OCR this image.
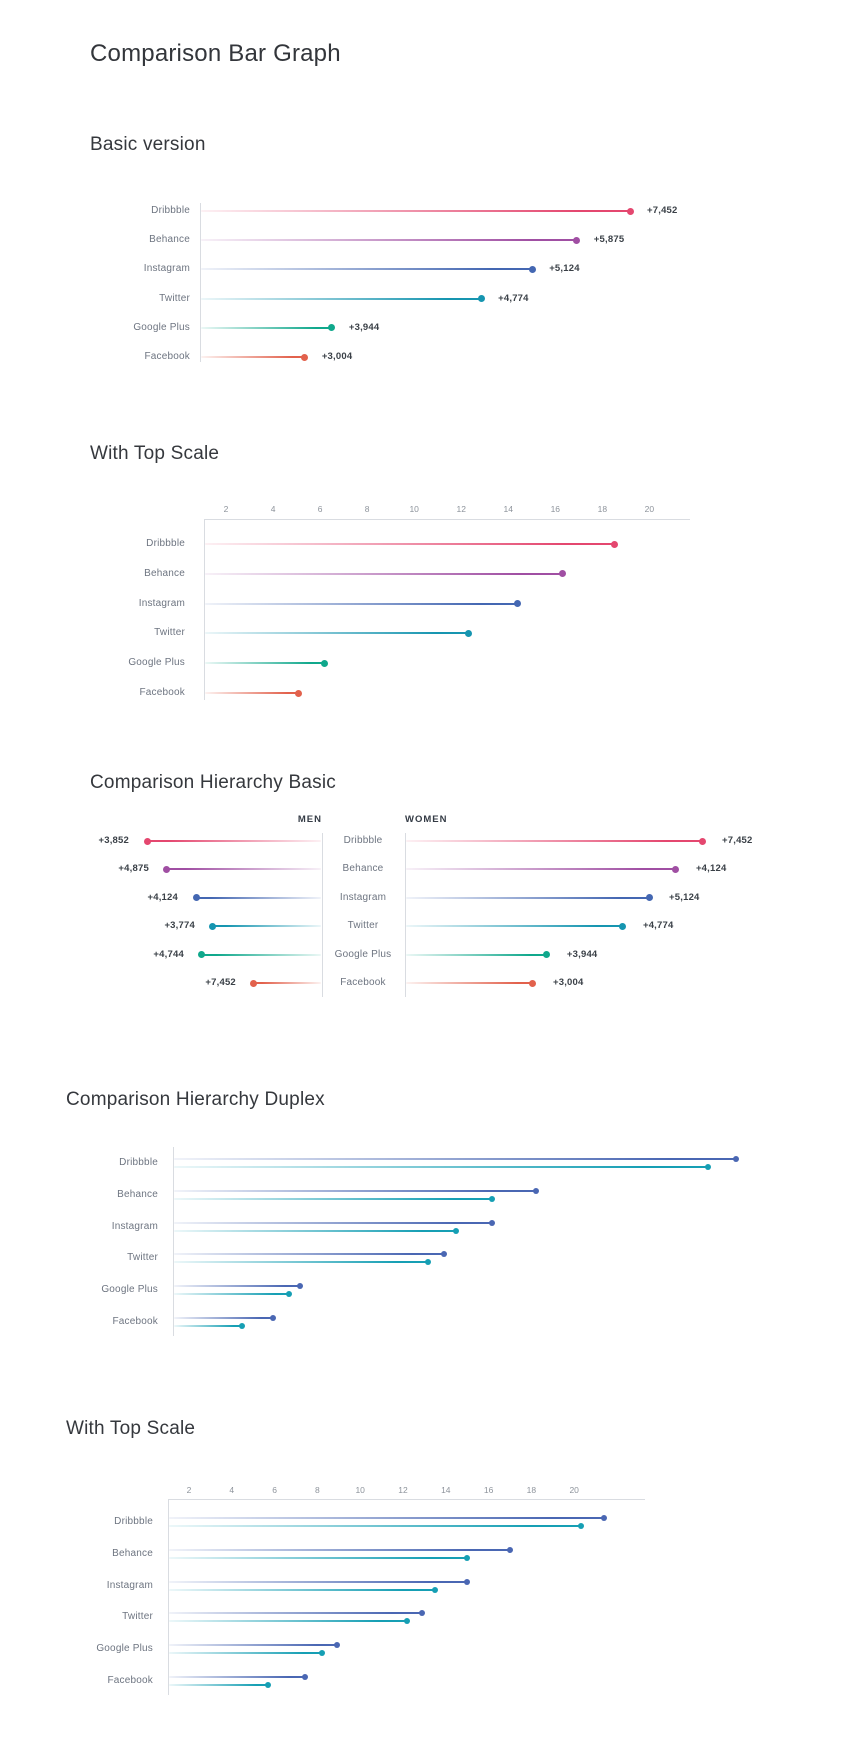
Comparison Bar Graph
Basic version
With Top Scale
Comparison Hierarchy Basic
Comparison Hierarchy Duplex
With Top Scale
Dribbble	+7,452
Behance	+5,875
Instagram	+5,124
Twitter	+4,774
Google Plus	+3,944
Facebook	+3,004
2	4	6	8	10	12	14	16	18	20
Dribbble
Behance
Instagram
Twitter
Google Plus
Facebook
MEN	WOMEN
Dribbble
+3,852	+7,452
Behance
+4,875	+4,124
Instagram
+4,124	+5,124
Twitter
+3,774	+4,774
Google Plus
+4,744	+3,944
Facebook
+7,452	+3,004
Dribbble
Behance
Instagram
Twitter
Google Plus
Facebook
2	4	6	8	10	12	14	16	18	20
Dribbble
Behance
Instagram
Twitter
Google Plus
Facebook
